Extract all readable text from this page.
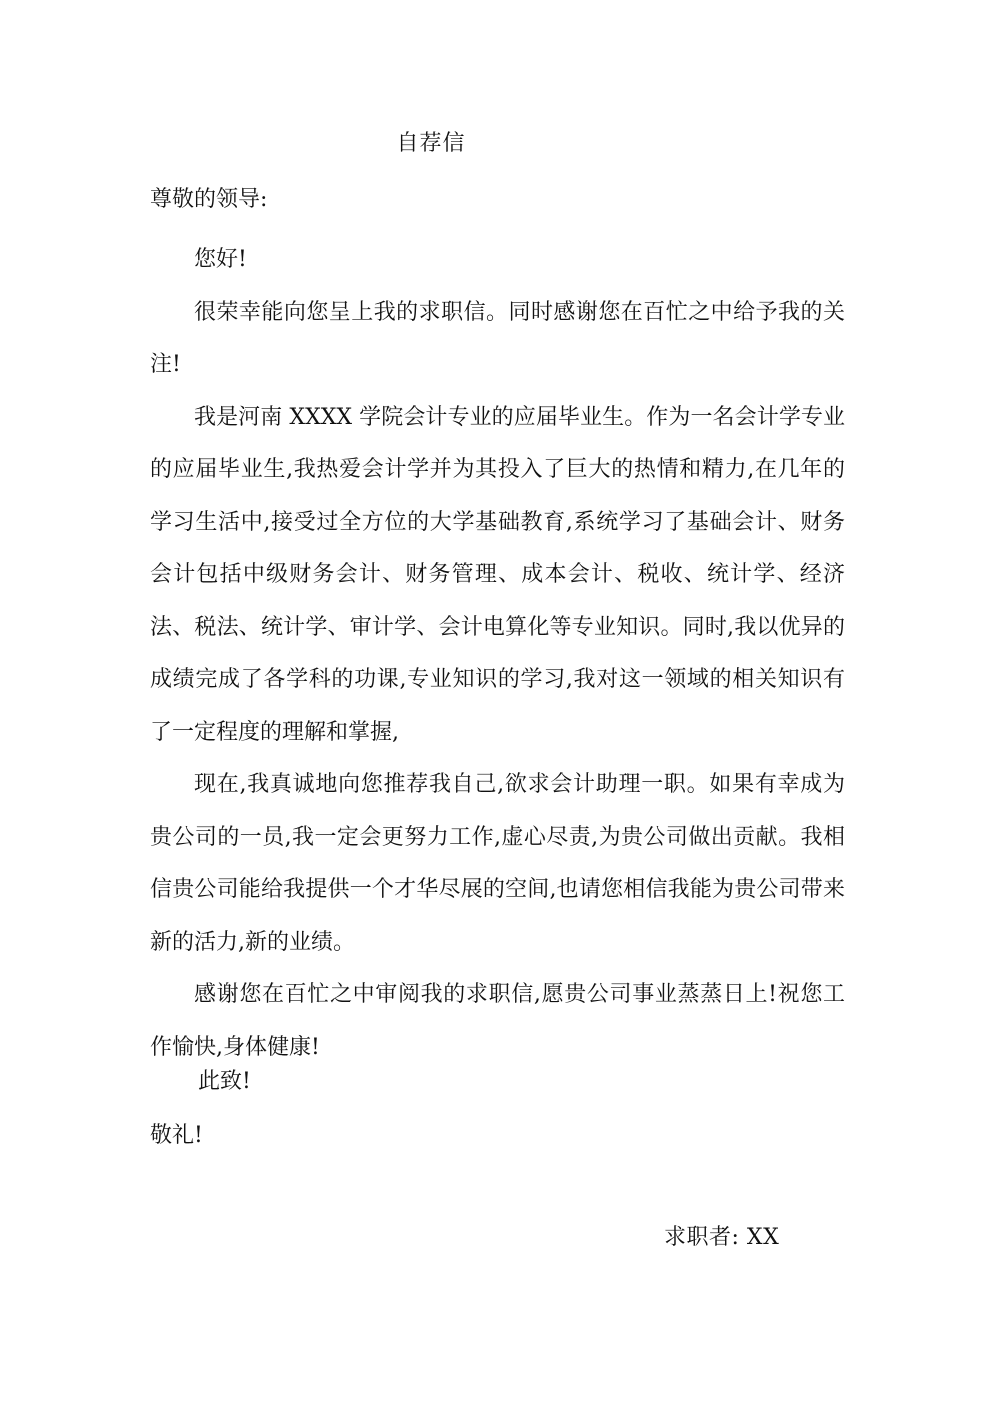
自荐信
尊敬的领导:

您好!

很荣幸能向您呈上我的求职信。同时感谢您在百忙之中给予我的关注!

我是河南 XXXX 学院会计专业的应届毕业生。作为一名会计学专业的应届毕业生,我热爱会计学并为其投入了巨大的热情和精力,在几年的学习生活中,接受过全方位的大学基础教育,系统学习了基础会计、财务会计包括中级财务会计、财务管理、成本会计、税收、统计学、经济法、税法、统计学、审计学、会计电算化等专业知识。同时,我以优异的成绩完成了各学科的功课,专业知识的学习,我对这一领域的相关知识有了一定程度的理解和掌握,

现在,我真诚地向您推荐我自己,欲求会计助理一职。如果有幸成为贵公司的一员,我一定会更努力工作,虚心尽责,为贵公司做出贡献。我相信贵公司能给我提供一个才华尽展的空间,也请您相信我能为贵公司带来新的活力,新的业绩。

感谢您在百忙之中审阅我的求职信,愿贵公司事业蒸蒸日上!祝您工作愉快,身体健康!

此致!
敬礼!
求职者: XX
